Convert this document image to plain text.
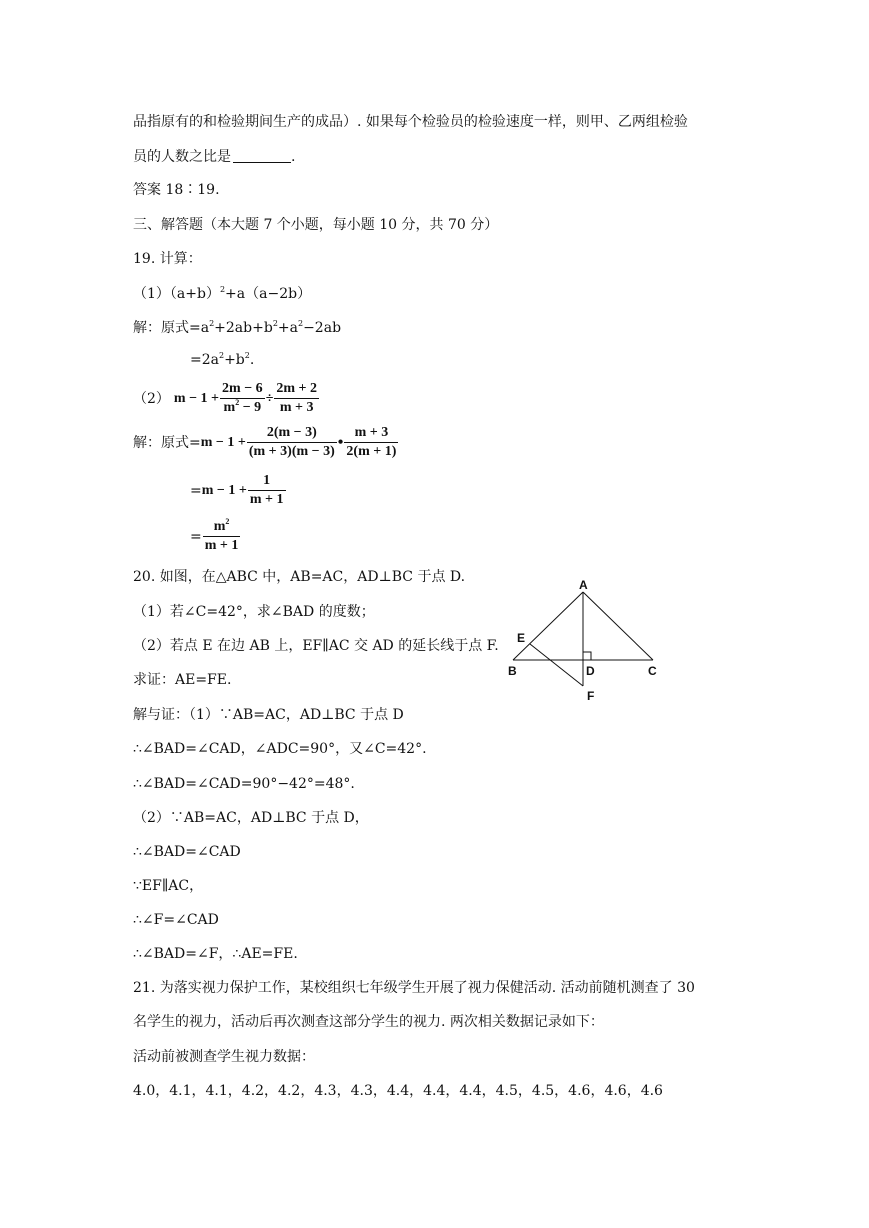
品指原有的和检验期间生产的成品）. 如果每个检验员的检验速度一样，则甲、乙两组检验
员的人数之比是	.
答案 18∶19.
三、解答题（本大题 7 个小题，每小题 10 分，共 70 分）
19. 计算：
$(1)(a+b)^2+a(a-2b)$
解：原式$=a^2+2ab+b^2+a^2-2ab$
$=2a^2+b^2$.
（2） $m - 1 + \frac{2m - 6}{m^2 - 9} \div \frac{2m + 2}{m + 3}$
解：原式= $m - 1 + \frac{2(m - 3)}{(m + 3)(m - 3)}$ • $\frac{m + 3}{2(m + 1)}$
= $m - 1 + \frac{1}{m + 1}$
= $\frac{m^2}{m + 1}$
20. 如图，在△ABC 中，AB=AC，AD⊥BC 于点 D.
（1）若∠C=42°，求∠BAD 的度数；
（2）若点 E 在边 AB 上，EF∥AC 交 AD 的延长线于点 F.
求证：AE=FE.
A
E
B	D	C
F
解与证：（1）∵AB=AC，AD⊥BC 于点 D
∴∠BAD=∠CAD，∠ADC=90°，又∠C=42°.
∴∠BAD=∠CAD=90°−42°=48°.
（2）∵AB=AC，AD⊥BC 于点 D，
∴∠BAD=∠CAD
∵EF∥AC，
∴∠F=∠CAD
∴∠BAD=∠F，∴AE=FE.
21. 为落实视力保护工作，某校组织七年级学生开展了视力保健活动. 活动前随机测查了 30
名学生的视力，活动后再次测查这部分学生的视力. 两次相关数据记录如下：
活动前被测查学生视力数据：
4.0，4.1，4.1，4.2，4.2，4.3，4.3，4.4，4.4，4.4，4.5，4.5，4.6，4.6，4.6
